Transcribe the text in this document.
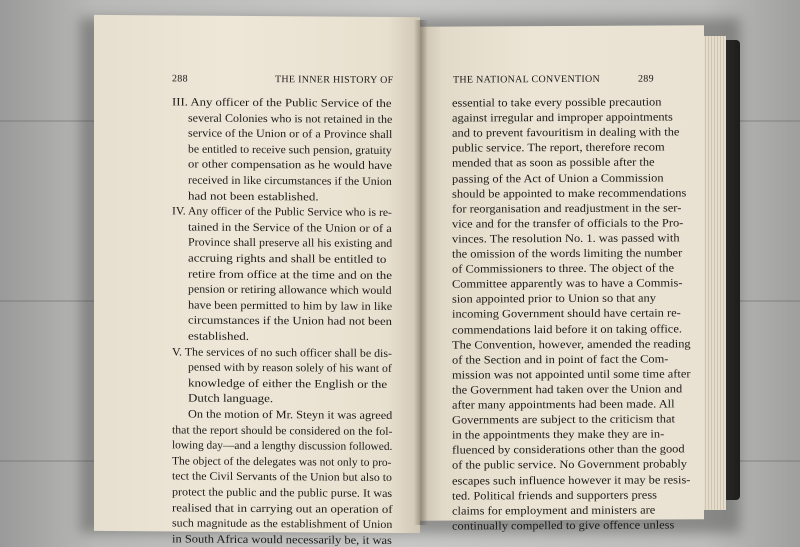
288	THE INNER HISTORY OF
III. Any officer of the Public Service of the
several Colonies who is not retained in the
service of the Union or of a Province shall
be entitled to receive such pension, gratuity
or other compensation as he would have
received in like circumstances if the Union
had not been established.
IV. Any officer of the Public Service who is re-
tained in the Service of the Union or of a
Province shall preserve all his existing and
accruing rights and shall be entitled to
retire from office at the time and on the
pension or retiring allowance which would
have been permitted to him by law in like
circumstances if the Union had not been
established.
V. The services of no such officer shall be dis-
pensed with by reason solely of his want of
knowledge of either the English or the
Dutch language.
On the motion of Mr. Steyn it was agreed
that the report should be considered on the fol-
lowing day—and a lengthy discussion followed.
The object of the delegates was not only to pro-
tect the Civil Servants of the Union but also to
protect the public and the public purse. It was
realised that in carrying out an operation of
such magnitude as the establishment of Union
in South Africa would necessarily be, it was
THE NATIONAL CONVENTION	289
essential to take every possible precaution
against irregular and improper appointments
and to prevent favouritism in dealing with the
public service. The report, therefore recom
mended that as soon as possible after the
passing of the Act of Union a Commission
should be appointed to make recommendations
for reorganisation and readjustment in the ser-
vice and for the transfer of officials to the Pro-
vinces. The resolution No. 1. was passed with
the omission of the words limiting the number
of Commissioners to three. The object of the
Committee apparently was to have a Commis-
sion appointed prior to Union so that any
incoming Government should have certain re-
commendations laid before it on taking office.
The Convention, however, amended the reading
of the Section and in point of fact the Com-
mission was not appointed until some time after
the Government had taken over the Union and
after many appointments had been made. All
Governments are subject to the criticism that
in the appointments they make they are in-
fluenced by considerations other than the good
of the public service. No Government probably
escapes such influence however it may be resis-
ted. Political friends and supporters press
claims for employment and ministers are
continually compelled to give offence unless
